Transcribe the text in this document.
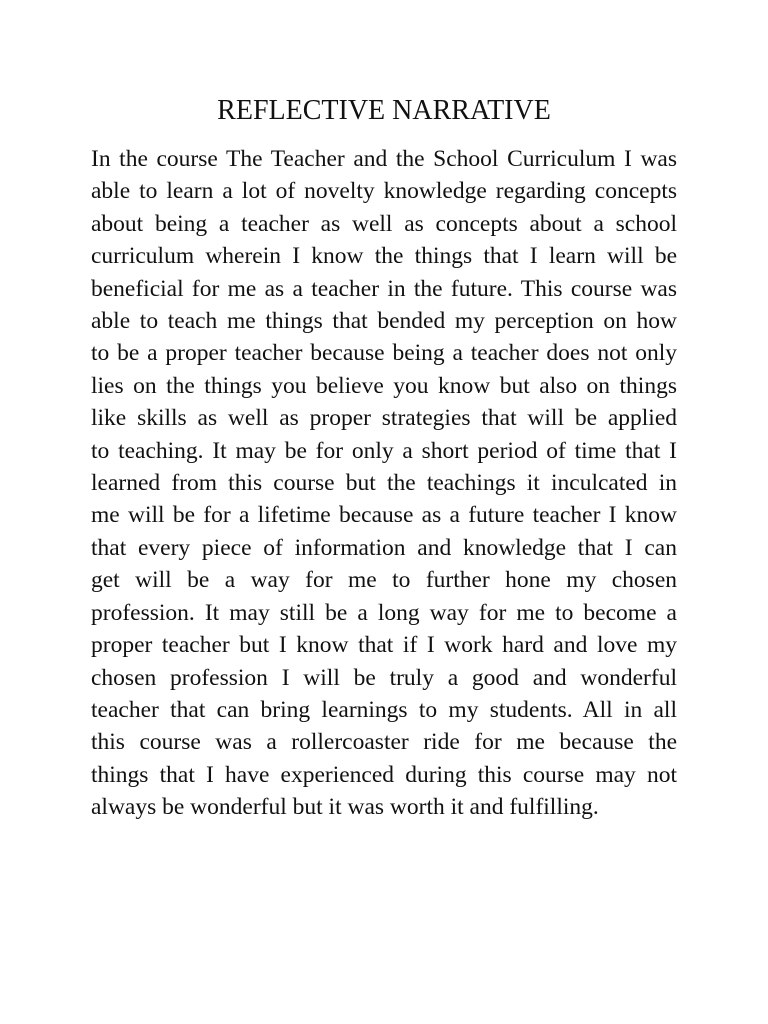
REFLECTIVE NARRATIVE
In the course The Teacher and the School Curriculum I was
able to learn a lot of novelty knowledge regarding concepts
about being a teacher as well as concepts about a school
curriculum wherein I know the things that I learn will be
beneficial for me as a teacher in the future. This course was
able to teach me things that bended my perception on how
to be a proper teacher because being a teacher does not only
lies on the things you believe you know but also on things
like skills as well as proper strategies that will be applied
to teaching. It may be for only a short period of time that I
learned from this course but the teachings it inculcated in
me will be for a lifetime because as a future teacher I know
that every piece of information and knowledge that I can
get will be a way for me to further hone my chosen
profession. It may still be a long way for me to become a
proper teacher but I know that if I work hard and love my
chosen profession I will be truly a good and wonderful
teacher that can bring learnings to my students. All in all
this course was a rollercoaster ride for me because the
things that I have experienced during this course may not
always be wonderful but it was worth it and fulfilling.
